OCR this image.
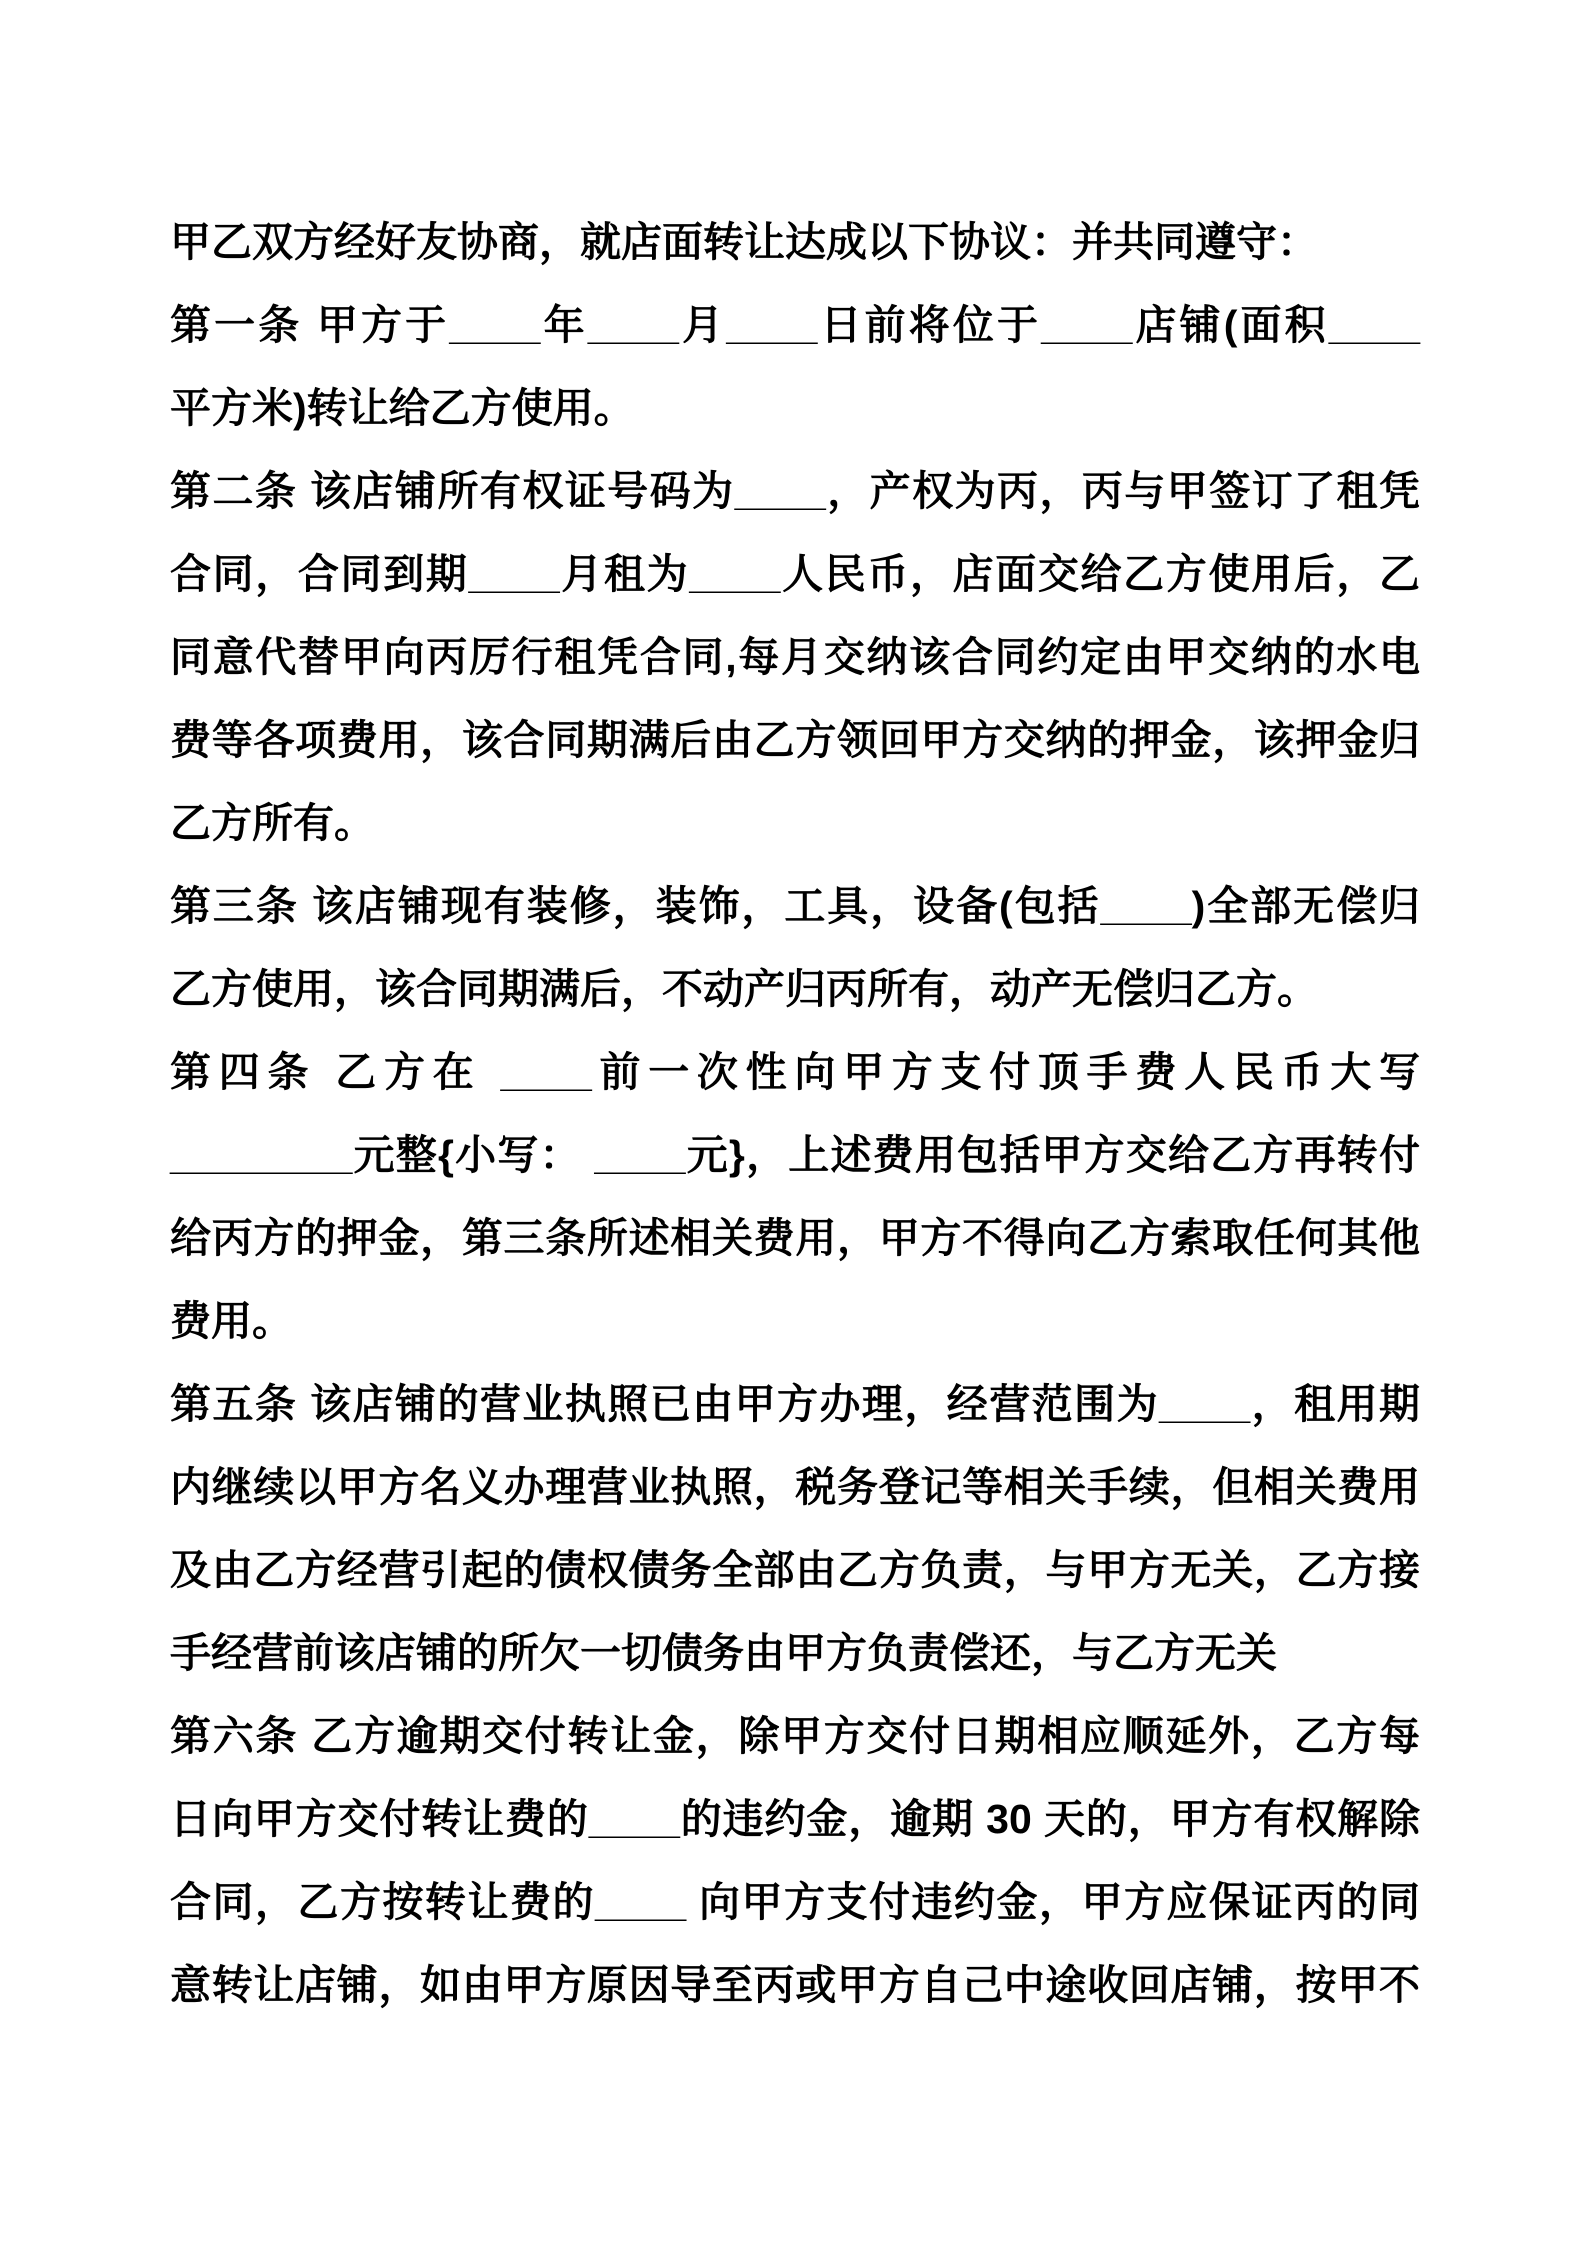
甲乙双方经好友协商，就店面转让达成以下协议：并共同遵守：
第一条 甲方于____年____月____日前将位于____店铺(面积____
平方米)转让给乙方使用。
第二条 该店铺所有权证号码为____，产权为丙，丙与甲签订了租凭
合同，合同到期____月租为____人民币，店面交给乙方使用后，乙
同意代替甲向丙厉行租凭合同,每月交纳该合同约定由甲交纳的水电
费等各项费用，该合同期满后由乙方领回甲方交纳的押金，该押金归
乙方所有。
第三条 该店铺现有装修，装饰，工具，设备(包括____)全部无偿归
乙方使用，该合同期满后，不动产归丙所有，动产无偿归乙方。
第四条 乙方在 ____前一次性向甲方支付顶手费人民币大写
________元整{小写： ____元}，上述费用包括甲方交给乙方再转付
给丙方的押金，第三条所述相关费用，甲方不得向乙方索取任何其他
费用。
第五条 该店铺的营业执照已由甲方办理，经营范围为____，租用期
内继续以甲方名义办理营业执照，税务登记等相关手续，但相关费用
及由乙方经营引起的债权债务全部由乙方负责，与甲方无关，乙方接
手经营前该店铺的所欠一切债务由甲方负责偿还，与乙方无关
第六条 乙方逾期交付转让金，除甲方交付日期相应顺延外，乙方每
日向甲方交付转让费的____的违约金，逾期 30 天的，甲方有权解除
合同，乙方按转让费的____ 向甲方支付违约金，甲方应保证丙的同
意转让店铺，如由甲方原因导至丙或甲方自己中途收回店铺，按甲不
